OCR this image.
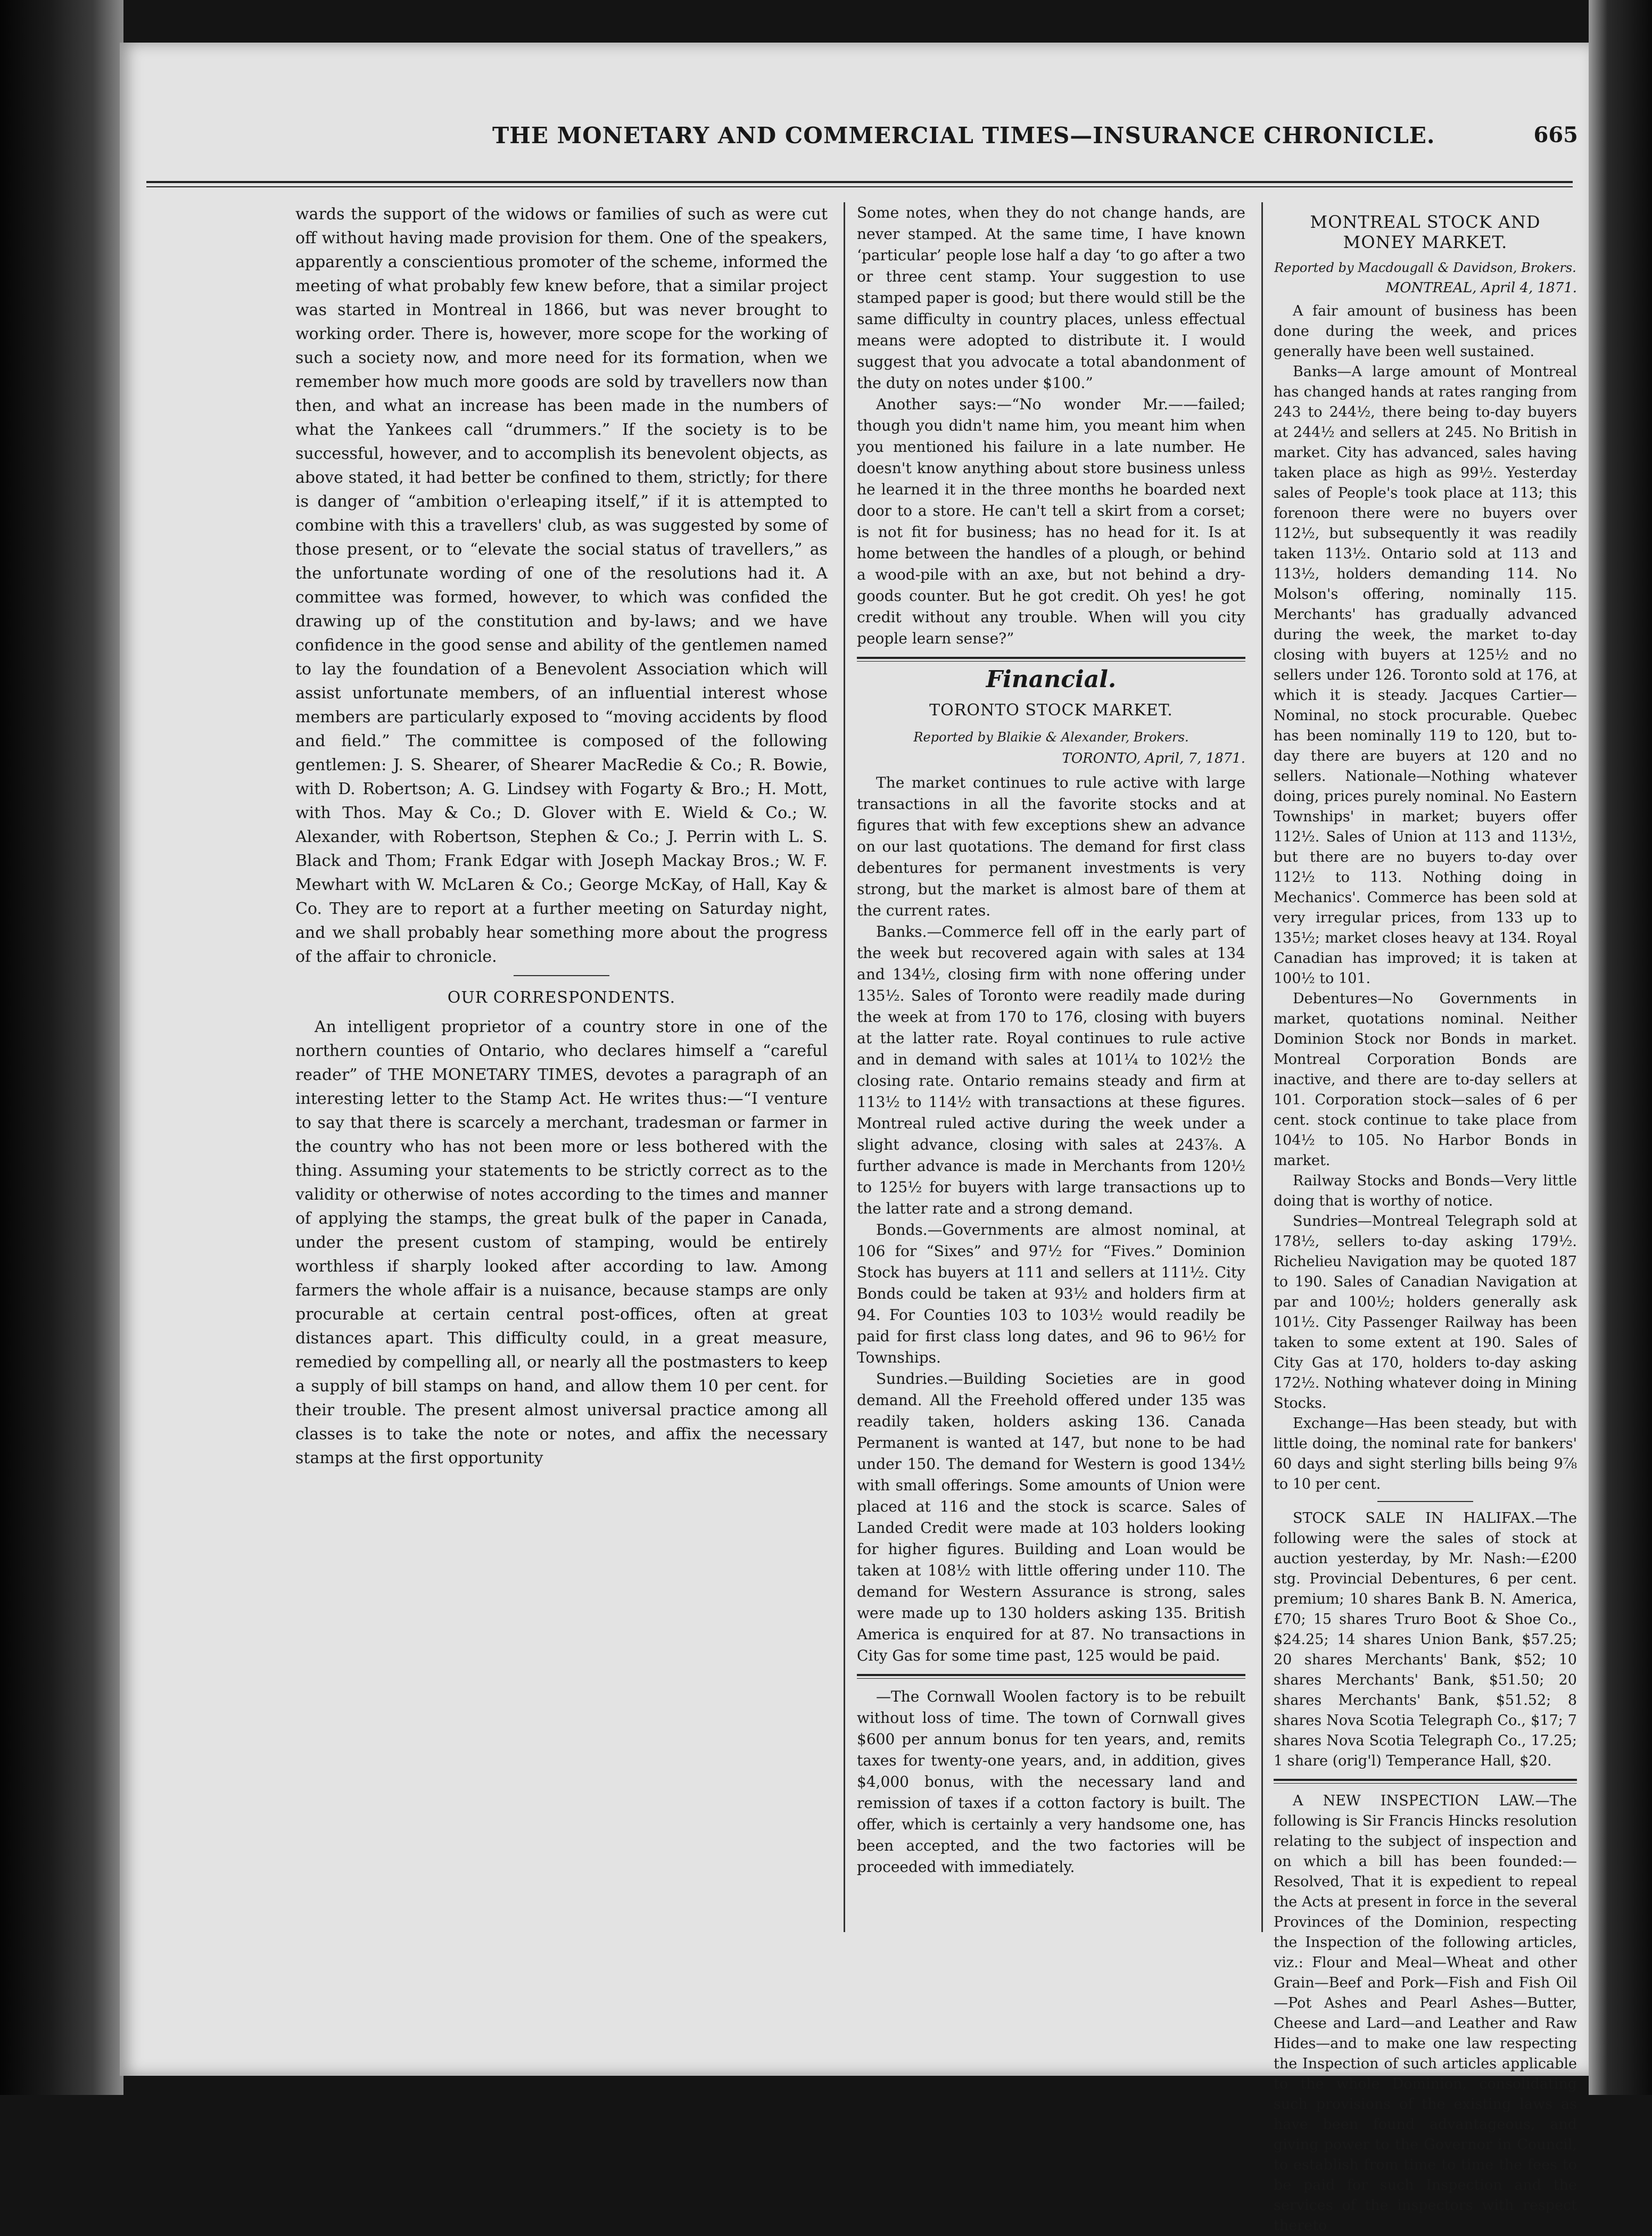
THE MONETARY AND COMMERCIAL TIMES—INSURANCE CHRONICLE.	665

wards the support of the widows or families of such as were cut off without having made provision for them. One of the speakers, apparently a conscientious promoter of the scheme, informed the meeting of what probably few knew before, that a similar project was started in Montreal in 1866, but was never brought to working order. There is, however, more scope for the working of such a society now, and more need for its formation, when we remember how much more goods are sold by travellers now than then, and what an increase has been made in the numbers of what the Yankees call “drummers.” If the society is to be successful, however, and to accomplish its benevolent objects, as above stated, it had better be confined to them, strictly; for there is danger of “ambition o'erleaping itself,” if it is attempted to combine with this a travellers' club, as was suggested by some of those present, or to “elevate the social status of travellers,” as the unfortunate wording of one of the resolutions had it. A committee was formed, however, to which was confided the drawing up of the constitution and by-laws; and we have confidence in the good sense and ability of the gentlemen named to lay the foundation of a Benevolent Association which will assist unfortunate members, of an influential interest whose members are particularly exposed to “moving accidents by flood and field.” The committee is composed of the following gentlemen: J. S. Shearer, of Shearer MacRedie & Co.; R. Bowie, with D. Robertson; A. G. Lindsey with Fogarty & Bro.; H. Mott, with Thos. May & Co.; D. Glover with E. Wield & Co.; W. Alexander, with Robertson, Stephen & Co.; J. Perrin with L. S. Black and Thom; Frank Edgar with Joseph Mackay Bros.; W. F. Mewhart with W. McLaren & Co.; George McKay, of Hall, Kay & Co. They are to report at a further meeting on Saturday night, and we shall probably hear something more about the progress of the affair to chronicle.

OUR CORRESPONDENTS.

An intelligent proprietor of a country store in one of the northern counties of Ontario, who declares himself a “careful reader” of THE MONETARY TIMES, devotes a paragraph of an interesting letter to the Stamp Act. He writes thus:—“I venture to say that there is scarcely a merchant, tradesman or farmer in the country who has not been more or less bothered with the thing. Assuming your statements to be strictly correct as to the validity or otherwise of notes according to the times and manner of applying the stamps, the great bulk of the paper in Canada, under the present custom of stamping, would be entirely worthless if sharply looked after according to law. Among farmers the whole affair is a nuisance, because stamps are only procurable at certain central post-offices, often at great distances apart. This difficulty could, in a great measure, remedied by compelling all, or nearly all the postmasters to keep a supply of bill stamps on hand, and allow them 10 per cent. for their trouble. The present almost universal practice among all classes is to take the note or notes, and affix the necessary stamps at the first opportunity

Some notes, when they do not change hands, are never stamped. At the same time, I have known ‘particular’ people lose half a day ‘to go after a two or three cent stamp. Your suggestion to use stamped paper is good; but there would still be the same difficulty in country places, unless effectual means were adopted to distribute it. I would suggest that you advocate a total abandonment of the duty on notes under $100.”

Another says:—“No wonder Mr.——failed; though you didn't name him, you meant him when you mentioned his failure in a late number. He doesn't know anything about store business unless he learned it in the three months he boarded next door to a store. He can't tell a skirt from a corset; is not fit for business; has no head for it. Is at home between the handles of a plough, or behind a wood-pile with an axe, but not behind a dry-goods counter. But he got credit. Oh yes! he got credit without any trouble. When will you city people learn sense?”

Financial.
TORONTO STOCK MARKET.
Reported by Blaikie & Alexander, Brokers.
TORONTO, April, 7, 1871.

The market continues to rule active with large transactions in all the favorite stocks and at figures that with few exceptions shew an advance on our last quotations. The demand for first class debentures for permanent investments is very strong, but the market is almost bare of them at the current rates.

Banks.—Commerce fell off in the early part of the week but recovered again with sales at 134 and 134½, closing firm with none offering under 135½. Sales of Toronto were readily made during the week at from 170 to 176, closing with buyers at the latter rate. Royal continues to rule active and in demand with sales at 101¼ to 102½ the closing rate. Ontario remains steady and firm at 113½ to 114½ with transactions at these figures. Montreal ruled active during the week under a slight advance, closing with sales at 243⅞. A further advance is made in Merchants from 120½ to 125½ for buyers with large transactions up to the latter rate and a strong demand.

Bonds.—Governments are almost nominal, at 106 for “Sixes” and 97½ for “Fives.” Dominion Stock has buyers at 111 and sellers at 111½. City Bonds could be taken at 93½ and holders firm at 94. For Counties 103 to 103½ would readily be paid for first class long dates, and 96 to 96½ for Townships.

Sundries.—Building Societies are in good demand. All the Freehold offered under 135 was readily taken, holders asking 136. Canada Permanent is wanted at 147, but none to be had under 150. The demand for Western is good 134½ with small offerings. Some amounts of Union were placed at 116 and the stock is scarce. Sales of Landed Credit were made at 103 holders looking for higher figures. Building and Loan would be taken at 108½ with little offering under 110. The demand for Western Assurance is strong, sales were made up to 130 holders asking 135. British America is enquired for at 87. No transactions in City Gas for some time past, 125 would be paid.

—The Cornwall Woolen factory is to be rebuilt without loss of time. The town of Cornwall gives $600 per annum bonus for ten years, and, remits taxes for twenty-one years, and, in addition, gives $4,000 bonus, with the necessary land and remission of taxes if a cotton factory is built. The offer, which is certainly a very handsome one, has been accepted, and the two factories will be proceeded with immediately.

MONTREAL STOCK AND MONEY MARKET.
Reported by Macdougall & Davidson, Brokers.
MONTREAL, April 4, 1871.

A fair amount of business has been done during the week, and prices generally have been well sustained.

Banks—A large amount of Montreal has changed hands at rates ranging from 243 to 244½, there being to-day buyers at 244½ and sellers at 245. No British in market. City has advanced, sales having taken place as high as 99½. Yesterday sales of People's took place at 113; this forenoon there were no buyers over 112½, but subsequently it was readily taken 113½. Ontario sold at 113 and 113½, holders demanding 114. No Molson's offering, nominally 115. Merchants' has gradually advanced during the week, the market to-day closing with buyers at 125½ and no sellers under 126. Toronto sold at 176, at which it is steady. Jacques Cartier—Nominal, no stock procurable. Quebec has been nominally 119 to 120, but to-day there are buyers at 120 and no sellers. Nationale—Nothing whatever doing, prices purely nominal. No Eastern Townships' in market; buyers offer 112½. Sales of Union at 113 and 113½, but there are no buyers to-day over 112½ to 113. Nothing doing in Mechanics'. Commerce has been sold at very irregular prices, from 133 up to 135½; market closes heavy at 134. Royal Canadian has improved; it is taken at 100½ to 101.

Debentures—No Governments in market, quotations nominal. Neither Dominion Stock nor Bonds in market. Montreal Corporation Bonds are inactive, and there are to-day sellers at 101. Corporation stock—sales of 6 per cent. stock continue to take place from 104½ to 105. No Harbor Bonds in market.

Railway Stocks and Bonds—Very little doing that is worthy of notice.

Sundries—Montreal Telegraph sold at 178½, sellers to-day asking 179½. Richelieu Navigation may be quoted 187 to 190. Sales of Canadian Navigation at par and 100½; holders generally ask 101½. City Passenger Railway has been taken to some extent at 190. Sales of City Gas at 170, holders to-day asking 172½. Nothing whatever doing in Mining Stocks.

Exchange—Has been steady, but with little doing, the nominal rate for bankers' 60 days and sight sterling bills being 9⅞ to 10 per cent.

STOCK SALE IN HALIFAX.—The following were the sales of stock at auction yesterday, by Mr. Nash:—£200 stg. Provincial Debentures, 6 per cent. premium; 10 shares Bank B. N. America, £70; 15 shares Truro Boot & Shoe Co., $24.25; 14 shares Union Bank, $57.25; 20 shares Merchants' Bank, $52; 10 shares Merchants' Bank, $51.50; 20 shares Merchants' Bank, $51.52; 8 shares Nova Scotia Telegraph Co., $17; 7 shares Nova Scotia Telegraph Co., 17.25; 1 share (orig'l) Temperance Hall, $20.

A NEW INSPECTION LAW.—The following is Sir Francis Hincks resolution relating to the subject of inspection and on which a bill has been founded:—Resolved, That it is expedient to repeal the Acts at present in force in the several Provinces of the Dominion, respecting the Inspection of the following articles, viz.: Flour and Meal—Wheat and other Grain—Beef and Pork—Fish and Fish Oil—Pot Ashes and Pearl Ashes—Butter, Cheese and Lard—and Leather and Raw Hides—and to make one law respecting the Inspection of such articles applicable to the whole Dominion, consolidating such provisions of the existing laws as have been found advantageous, and giving power to the Governor in Council, to establish from time to time the fees to be paid for such Inspection and the services of the inspectors with respect thereto
